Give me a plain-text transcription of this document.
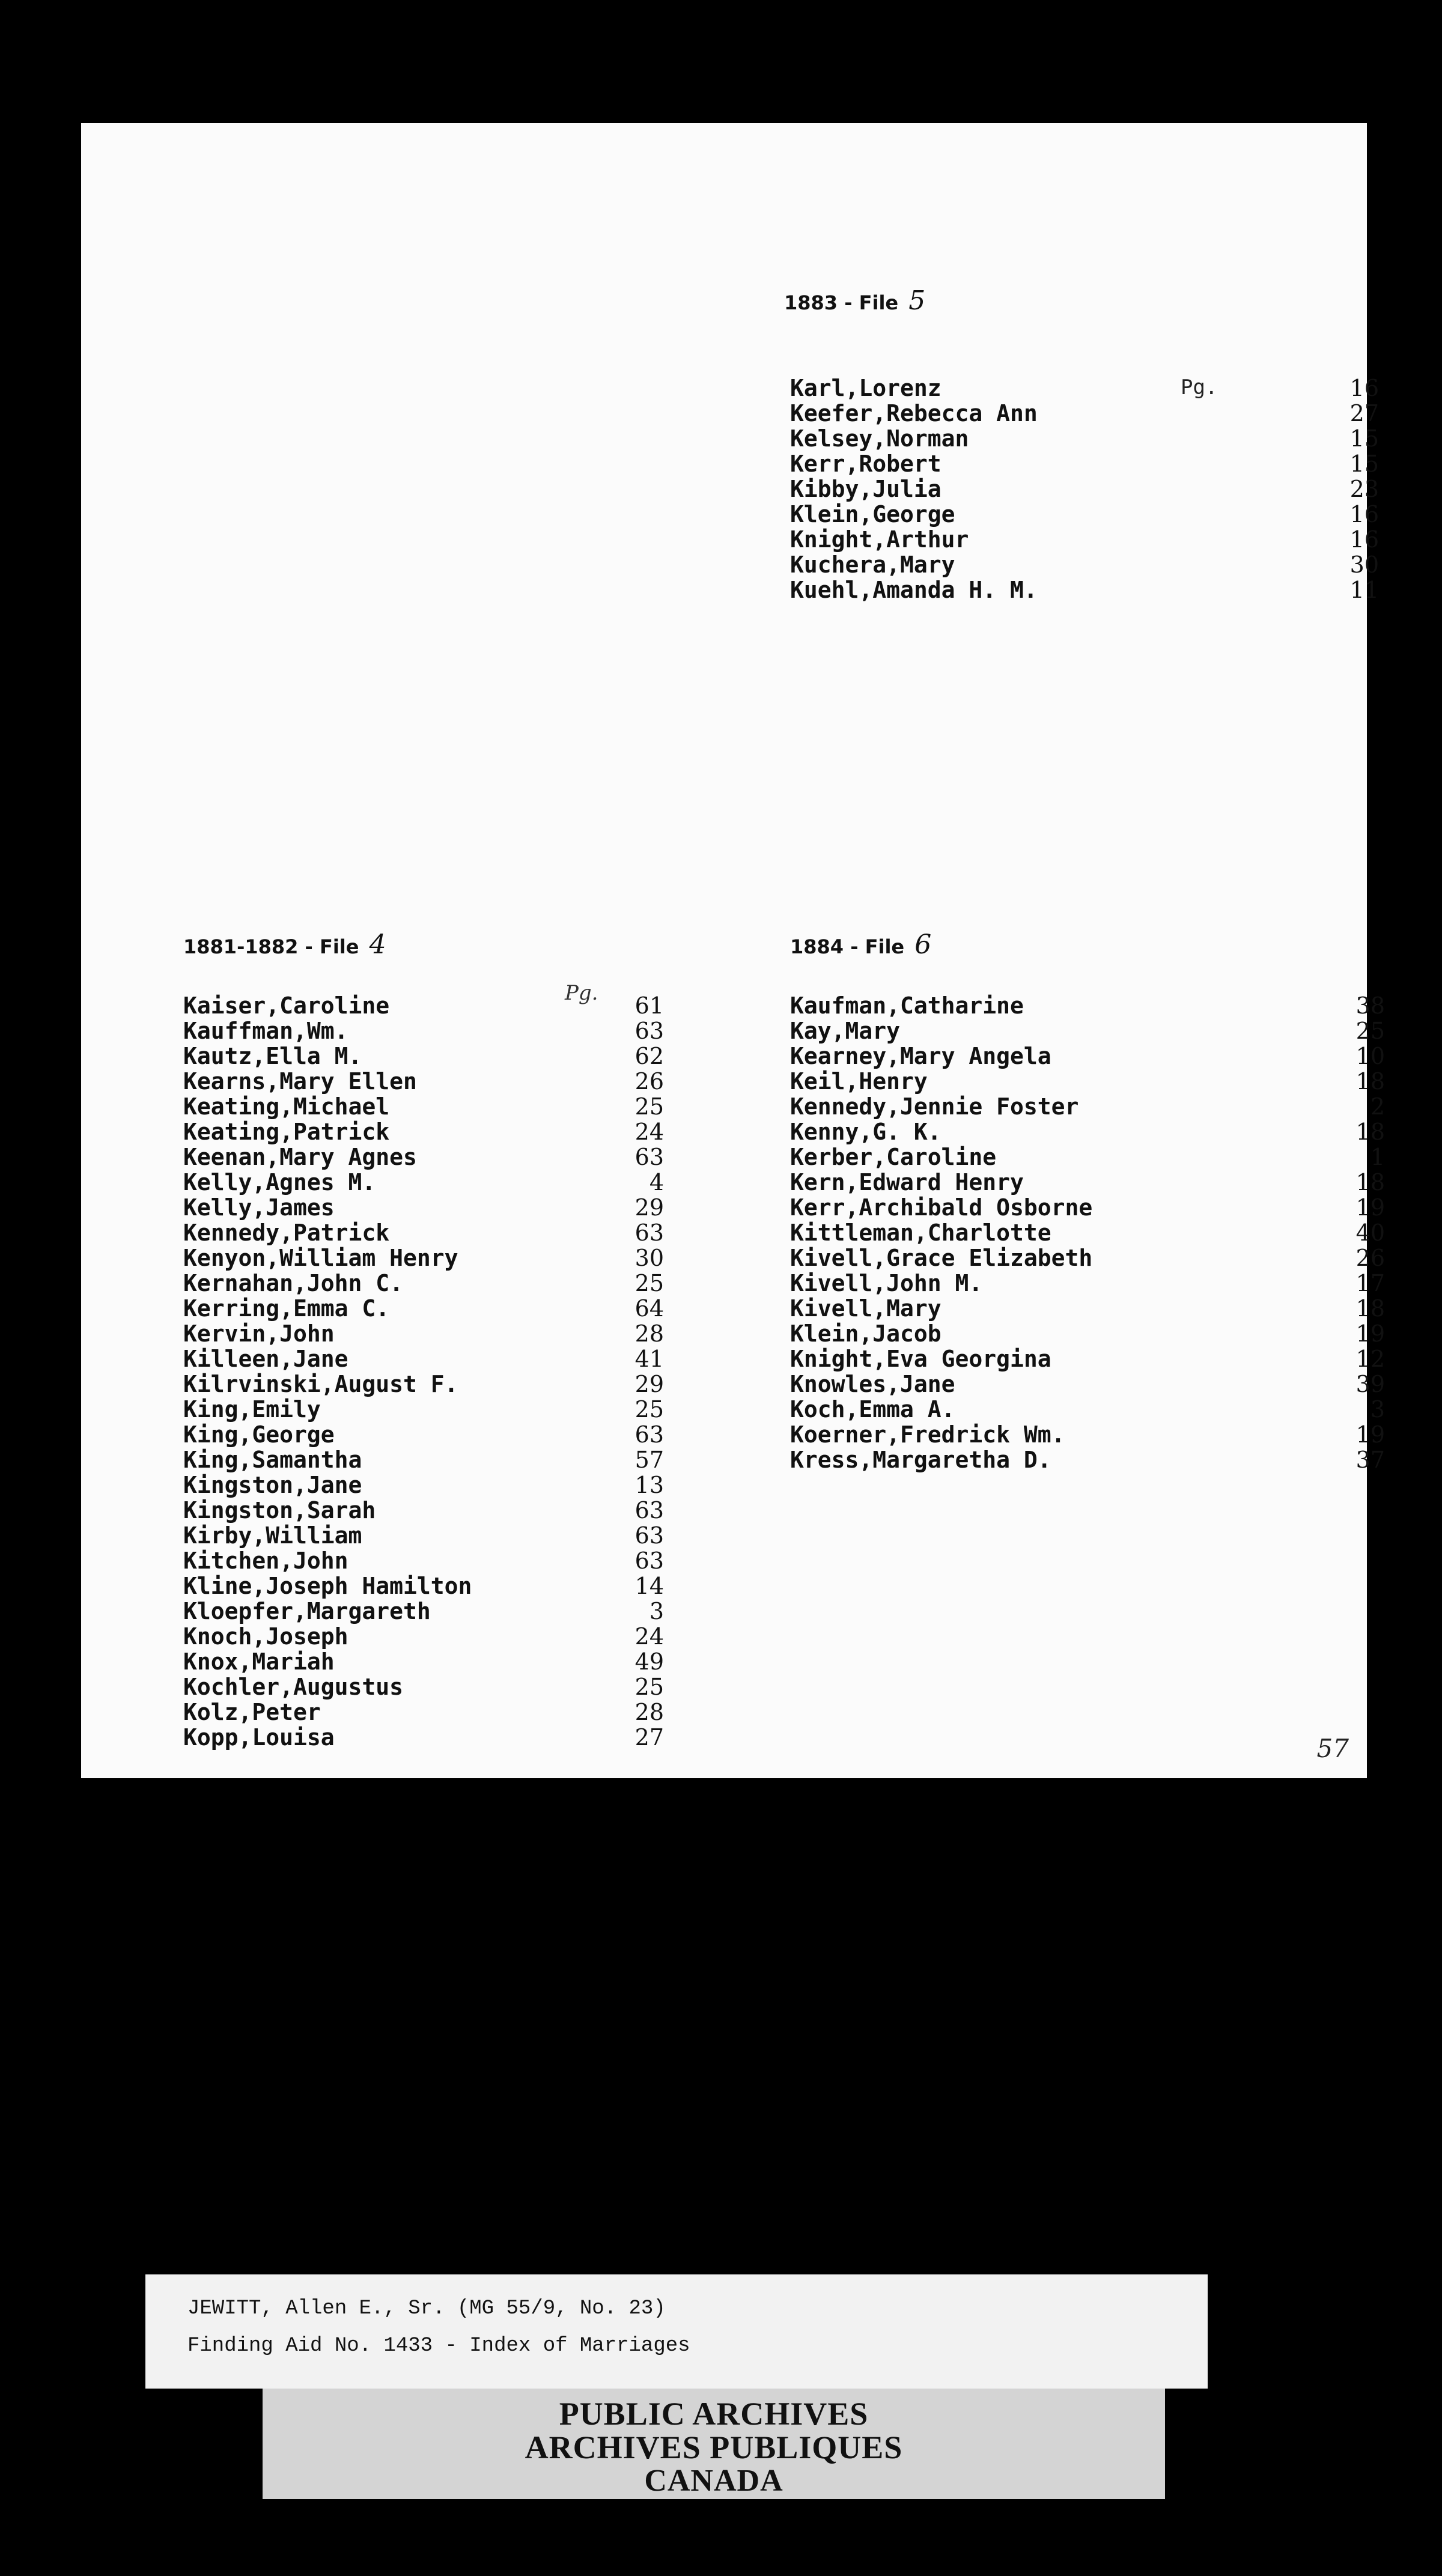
1883 - File 5
Pg.
Karl,Lorenz	16
Keefer,Rebecca Ann	27
Kelsey,Norman	15
Kerr,Robert	15
Kibby,Julia	23
Klein,George	16
Knight,Arthur	16
Kuchera,Mary	30
Kuehl,Amanda H. M.	11
1881-1882 - File 4
Pg.
Kaiser,Caroline	61
Kauffman,Wm.	63
Kautz,Ella M.	62
Kearns,Mary Ellen	26
Keating,Michael	25
Keating,Patrick	24
Keenan,Mary Agnes	63
Kelly,Agnes M.	4
Kelly,James	29
Kennedy,Patrick	63
Kenyon,William Henry	30
Kernahan,John C.	25
Kerring,Emma C.	64
Kervin,John	28
Killeen,Jane	41
Kilrvinski,August F.	29
King,Emily	25
King,George	63
King,Samantha	57
Kingston,Jane	13
Kingston,Sarah	63
Kirby,William	63
Kitchen,John	63
Kline,Joseph Hamilton	14
Kloepfer,Margareth	3
Knoch,Joseph	24
Knox,Mariah	49
Kochler,Augustus	25
Kolz,Peter	28
Kopp,Louisa	27
1884 - File 6
Kaufman,Catharine	38
Kay,Mary	25
Kearney,Mary Angela	10
Keil,Henry	18
Kennedy,Jennie Foster	2
Kenny,G. K.	18
Kerber,Caroline	1
Kern,Edward Henry	18
Kerr,Archibald Osborne	19
Kittleman,Charlotte	40
Kivell,Grace Elizabeth	26
Kivell,John M.	17
Kivell,Mary	18
Klein,Jacob	19
Knight,Eva Georgina	12
Knowles,Jane	39
Koch,Emma A.	3
Koerner,Fredrick Wm.	19
Kress,Margaretha D.	37
57
JEWITT, Allen E., Sr. (MG 55/9, No. 23)
Finding Aid No. 1433 - Index of Marriages
PUBLIC ARCHIVES
ARCHIVES PUBLIQUES
CANADA
